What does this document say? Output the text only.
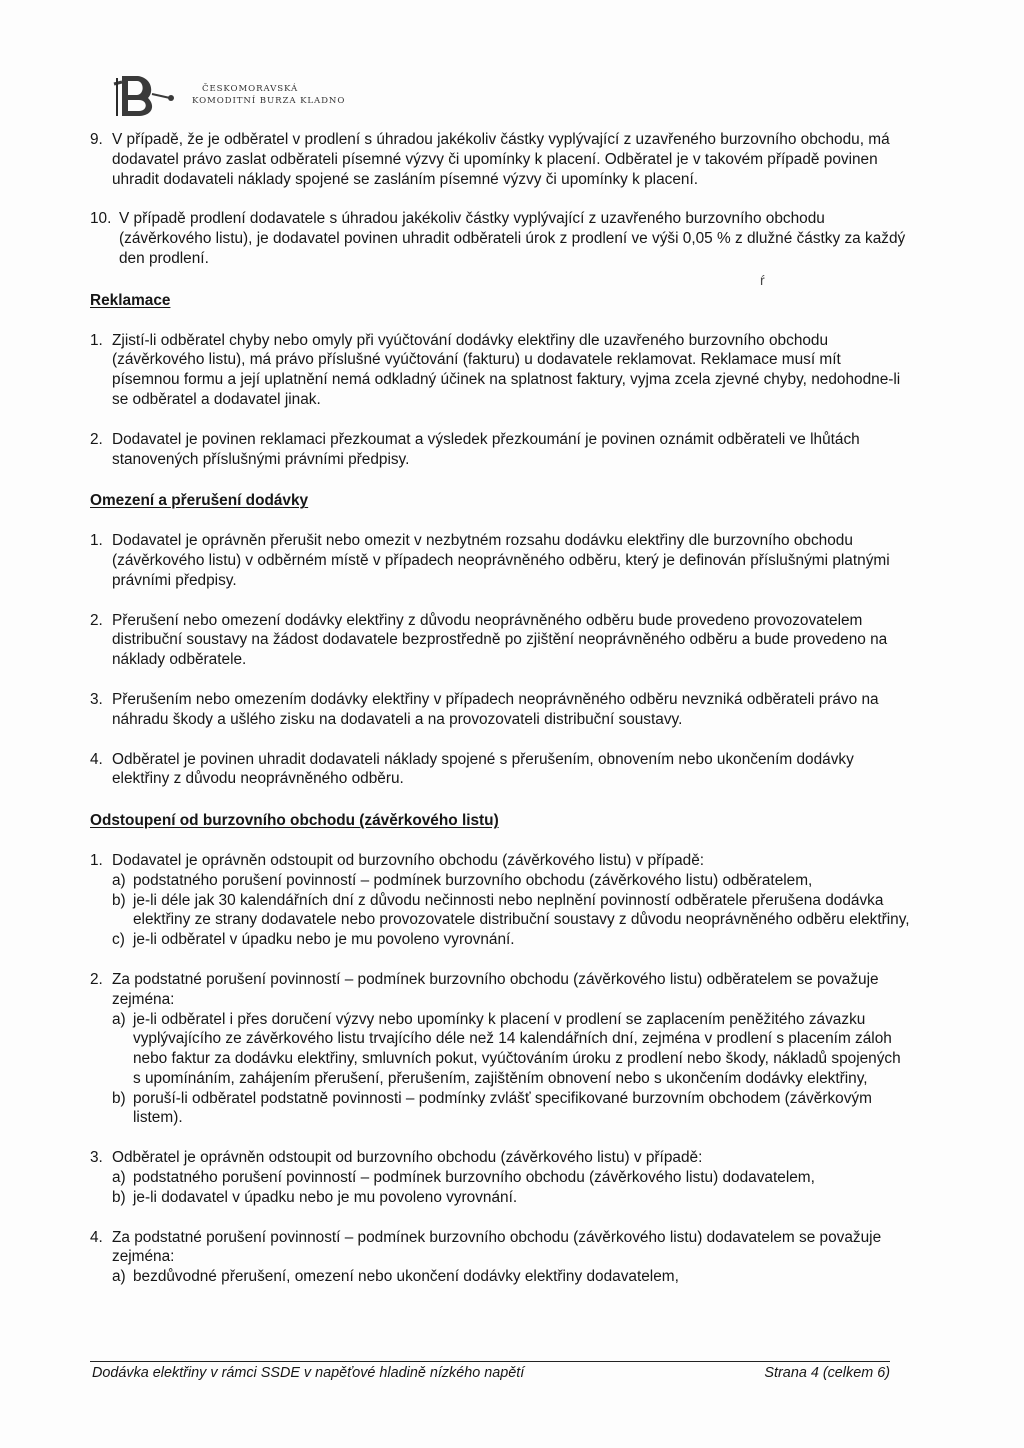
ČESKOMORAVSKÁ
KOMODITNÍ BURZA KLADNO
ŕ
9. V případě, že je odběratel v prodlení s úhradou jakékoliv částky vyplývající z uzavřeného burzovního obchodu, má dodavatel právo zaslat odběrateli písemné výzvy či upomínky k placení. Odběratel je v takovém případě povinen uhradit dodavateli náklady spojené se zasláním písemné výzvy či upomínky k placení.
10. V případě prodlení dodavatele s úhradou jakékoliv částky vyplývající z uzavřeného burzovního obchodu (závěrkového listu), je dodavatel povinen uhradit odběrateli úrok z prodlení ve výši 0,05 % z dlužné částky za každý den prodlení.
Reklamace
1. Zjistí-li odběratel chyby nebo omyly při vyúčtování dodávky elektřiny dle uzavřeného burzovního obchodu (závěrkového listu), má právo příslušné vyúčtování (fakturu) u dodavatele reklamovat. Reklamace musí mít písemnou formu a její uplatnění nemá odkladný účinek na splatnost faktury, vyjma zcela zjevné chyby, nedohodne-li se odběratel a dodavatel jinak.
2. Dodavatel je povinen reklamaci přezkoumat a výsledek přezkoumání je povinen oznámit odběrateli ve lhůtách stanovených příslušnými právními předpisy.
Omezení a přerušení dodávky
1. Dodavatel je oprávněn přerušit nebo omezit v nezbytném rozsahu dodávku elektřiny dle burzovního obchodu (závěrkového listu) v odběrném místě v případech neoprávněného odběru, který je definován příslušnými platnými právními předpisy.
2. Přerušení nebo omezení dodávky elektřiny z důvodu neoprávněného odběru bude provedeno provozovatelem distribuční soustavy na žádost dodavatele bezprostředně po zjištění neoprávněného odběru a bude provedeno na náklady odběratele.
3. Přerušením nebo omezením dodávky elektřiny v případech neoprávněného odběru nevzniká odběrateli právo na náhradu škody a ušlého zisku na dodavateli a na provozovateli distribuční soustavy.
4. Odběratel je povinen uhradit dodavateli náklady spojené s přerušením, obnovením nebo ukončením dodávky elektřiny z důvodu neoprávněného odběru.
Odstoupení od burzovního obchodu (závěrkového listu)
1. Dodavatel je oprávněn odstoupit od burzovního obchodu (závěrkového listu) v případě:
a) podstatného porušení povinností – podmínek burzovního obchodu (závěrkového listu) odběratelem,
b) je-li déle jak 30 kalendářních dní z důvodu nečinnosti nebo neplnění povinností odběratele přerušena dodávka elektřiny ze strany dodavatele nebo provozovatele distribuční soustavy z důvodu neoprávněného odběru elektřiny,
c) je-li odběratel v úpadku nebo je mu povoleno vyrovnání.
2. Za podstatné porušení povinností – podmínek burzovního obchodu (závěrkového listu) odběratelem se považuje zejména:
a) je-li odběratel i přes doručení výzvy nebo upomínky k placení v prodlení se zaplacením peněžitého závazku vyplývajícího ze závěrkového listu trvajícího déle než 14 kalendářních dní, zejména v prodlení s placením záloh nebo faktur za dodávku elektřiny, smluvních pokut, vyúčtováním úroku z prodlení nebo škody, nákladů spojených s upomínáním, zahájením přerušení, přerušením, zajištěním obnovení nebo s ukončením dodávky elektřiny,
b) poruší-li odběratel podstatně povinnosti – podmínky zvlášť specifikované burzovním obchodem (závěrkovým listem).
3. Odběratel je oprávněn odstoupit od burzovního obchodu (závěrkového listu) v případě:
a) podstatného porušení povinností – podmínek burzovního obchodu (závěrkového listu) dodavatelem,
b) je-li dodavatel v úpadku nebo je mu povoleno vyrovnání.
4. Za podstatné porušení povinností – podmínek burzovního obchodu (závěrkového listu) dodavatelem se považuje zejména:
a) bezdůvodné přerušení, omezení nebo ukončení dodávky elektřiny dodavatelem,
Dodávka elektřiny v rámci SSDE v napěťové hladině nízkého napětí	Strana 4 (celkem 6)
